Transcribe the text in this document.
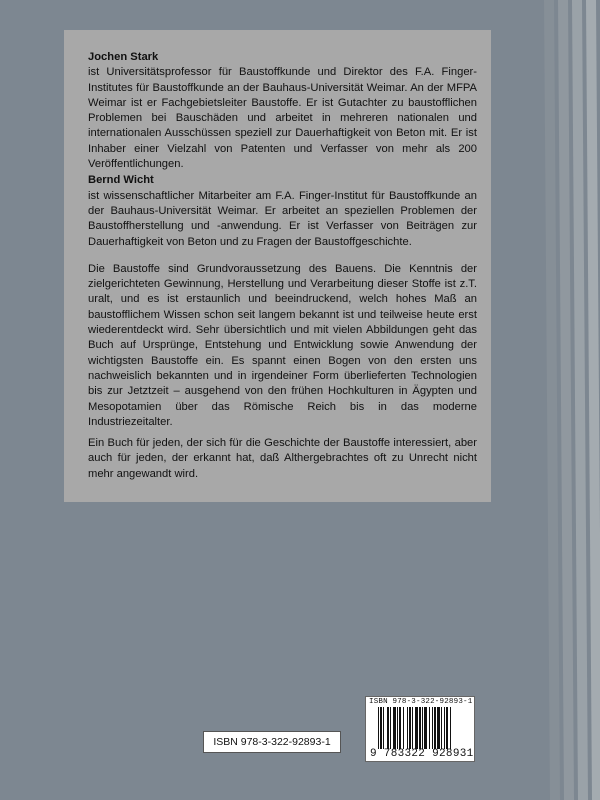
Jochen Stark

ist Universitätsprofessor für Baustoffkunde und Direktor des F.A. Finger-Institutes für Baustoffkunde an der Bauhaus-Universität Weimar. An der MFPA Weimar ist er Fachgebietsleiter Baustoffe. Er ist Gutachter zu baustofflichen Problemen bei Bauschäden und arbeitet in mehreren nationalen und internationalen Ausschüssen speziell zur Dauerhaftigkeit von Beton mit. Er ist Inhaber einer Vielzahl von Patenten und Verfasser von mehr als 200 Veröffentlichungen.

Bernd Wicht

ist wissenschaftlicher Mitarbeiter am F.A. Finger-Institut für Baustoffkunde an der Bauhaus-Universität Weimar. Er arbeitet an speziellen Problemen der Baustoffherstellung und -anwendung. Er ist Verfasser von Beiträgen zur Dauerhaftigkeit von Beton und zu Fragen der Baustoffgeschichte.

Die Baustoffe sind Grundvoraussetzung des Bauens. Die Kenntnis der zielgerichteten Gewinnung, Herstellung und Verarbeitung dieser Stoffe ist z.T. uralt, und es ist erstaunlich und beeindruckend, welch hohes Maß an baustofflichem Wissen schon seit langem bekannt ist und teilweise heute erst wiederentdeckt wird. Sehr übersichtlich und mit vielen Abbildungen geht das Buch auf Ursprünge, Entstehung und Entwicklung sowie Anwendung der wichtigsten Baustoffe ein. Es spannt einen Bogen von den ersten uns nachweislich bekannten und in irgendeiner Form überlieferten Technologien bis zur Jetztzeit – ausgehend von den frühen Hochkulturen in Ägypten und Mesopotamien über das Römische Reich bis in das moderne Industriezeitalter.

Ein Buch für jeden, der sich für die Geschichte der Baustoffe interessiert, aber auch für jeden, der erkannt hat, daß Althergebrachtes oft zu Unrecht nicht mehr angewandt wird.

ISBN 978-3-322-92893-1
ISBN 978-3-322-92893-1
9 783322 928931
